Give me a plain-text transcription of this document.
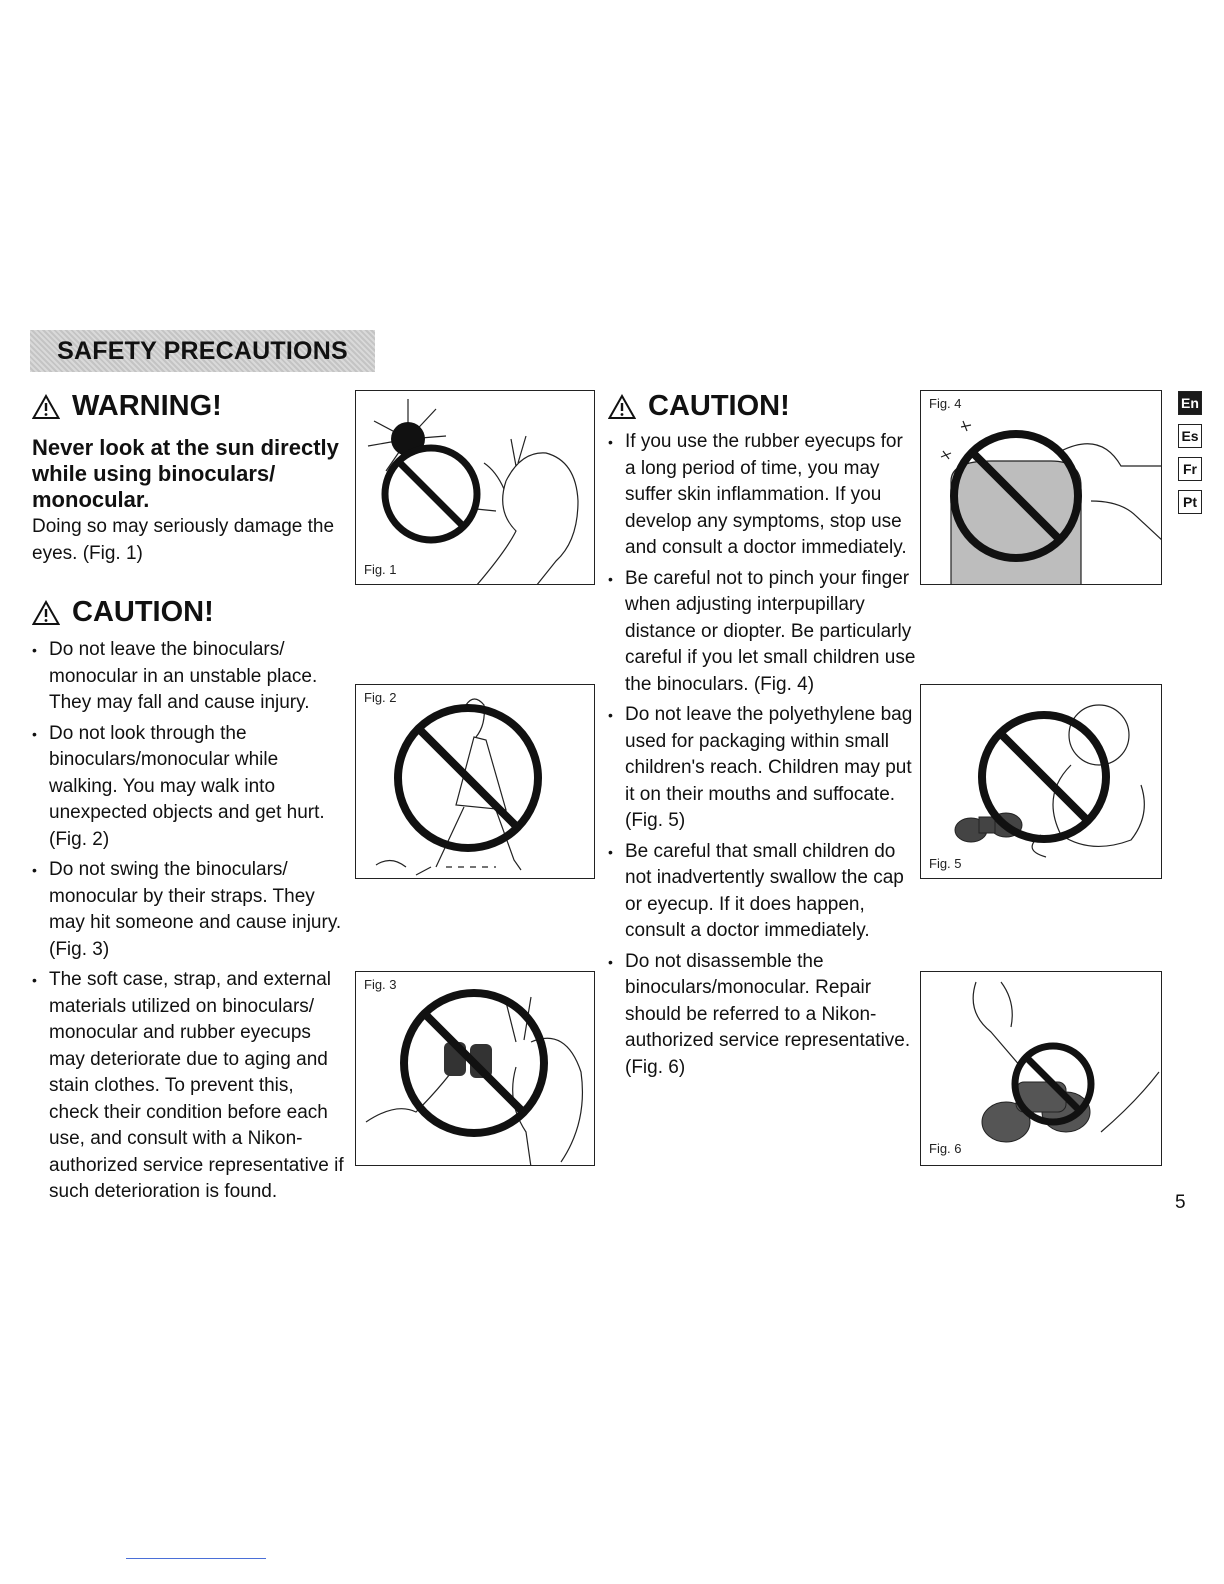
SAFETY PRECAUTIONS
WARNING!

Never look at the sun directly while using binoculars/ monocular.

Doing so may seriously damage the eyes. (Fig. 1)

CAUTION!
• Do not leave the binoculars/ monocular in an unstable place. They may fall and cause injury.
• Do not look through the binoculars/monocular while walking. You may walk into unexpected objects and get hurt. (Fig. 2)
• Do not swing the binoculars/ monocular by their straps. They may hit someone and cause injury. (Fig. 3)
• The soft case, strap, and external materials utilized on binoculars/ monocular and rubber eyecups may deteriorate due to aging and stain clothes. To prevent this, check their condition before each use, and consult with a Nikon-authorized service representative if such deterioration is found.
Fig. 1
Fig. 2
Fig. 3
CAUTION!
• If you use the rubber eyecups for a long period of time, you may suffer skin inflammation. If you develop any symptoms, stop use and consult a doctor immediately.
• Be careful not to pinch your finger when adjusting interpupillary distance or diopter. Be particularly careful if you let small children use the binoculars. (Fig. 4)
• Do not leave the polyethylene bag used for packaging within small children's reach. Children may put it on their mouths and suffocate. (Fig. 5)
• Be careful that small children do not inadvertently swallow the cap or eyecup. If it does happen, consult a doctor immediately.
• Do not disassemble the binoculars/monocular. Repair should be referred to a Nikon-authorized service representative. (Fig. 6)
Fig. 4
Fig. 5
Fig. 6
En
Es
Fr
Pt
5
